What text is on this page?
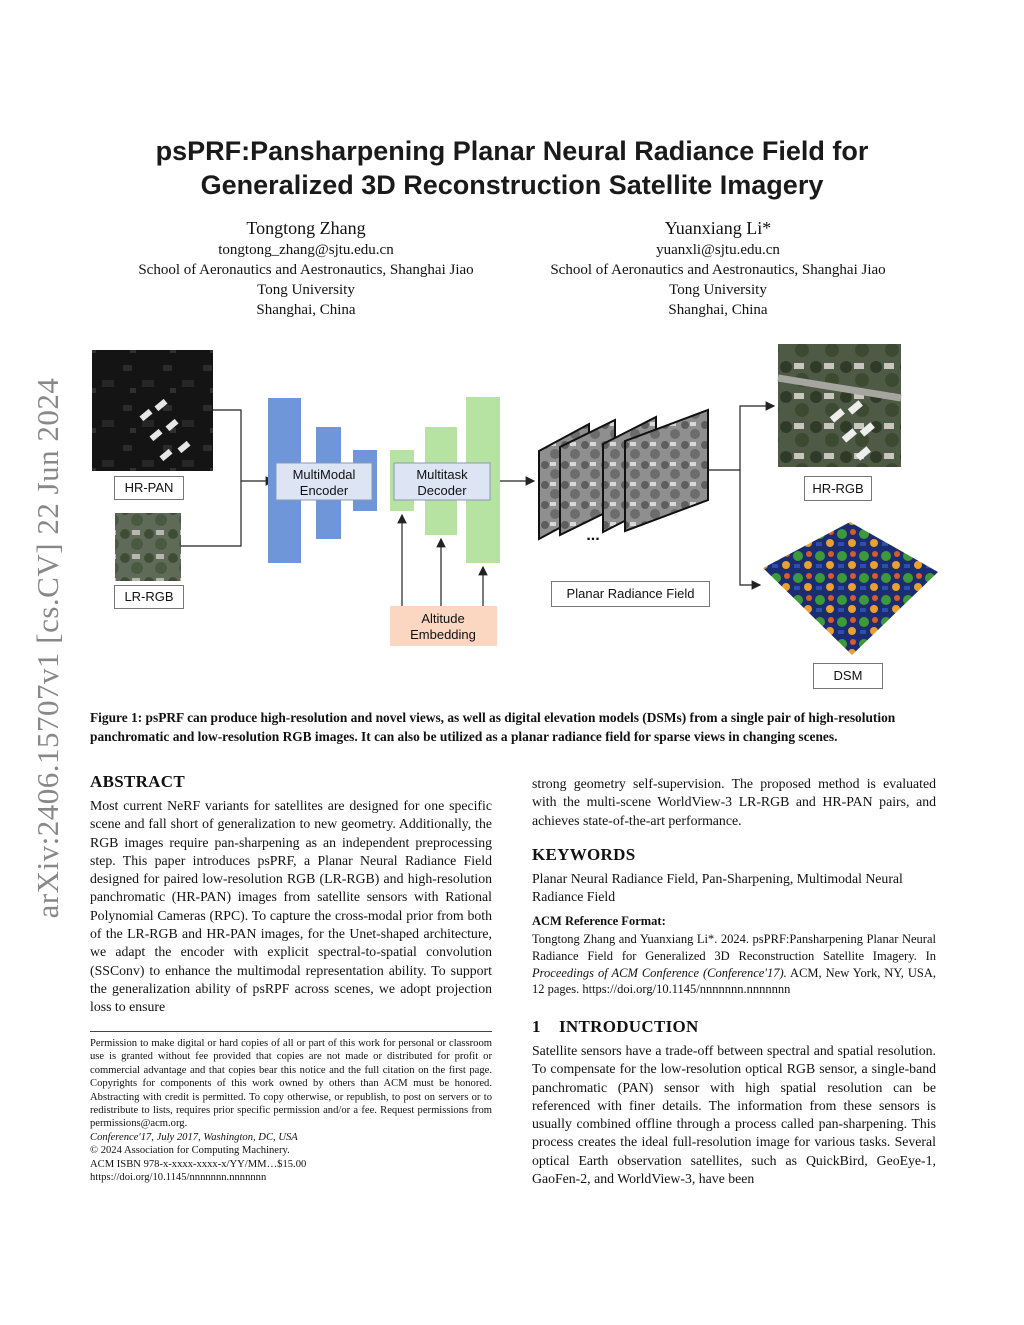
arXiv:2406.15707v1 [cs.CV] 22 Jun 2024
psPRF:Pansharpening Planar Neural Radiance Field for
Generalized 3D Reconstruction Satellite Imagery
Tongtong Zhang
tongtong_zhang@sjtu.edu.cn
School of Aeronautics and Aestronautics, Shanghai Jiao
Tong University
Shanghai, China
Yuanxiang Li*
yuanxli@sjtu.edu.cn
School of Aeronautics and Aestronautics, Shanghai Jiao
Tong University
Shanghai, China
MultiModal
Encoder
Multitask
Decoder
Altitude
Embedding
...
HR-PAN
LR-RGB	Planar Radiance Field
HR-RGB
DSM
Figure 1: psPRF can produce high-resolution and novel views, as well as digital elevation models (DSMs) from a single pair of high-resolution panchromatic and low-resolution RGB images. It can also be utilized as a planar radiance field for sparse views in changing scenes.
ABSTRACT
Most current NeRF variants for satellites are designed for one specific scene and fall short of generalization to new geometry. Additionally, the RGB images require pan-sharpening as an independent preprocessing step. This paper introduces psPRF, a Planar Neural Radiance Field designed for paired low-resolution RGB (LR-RGB) and high-resolution panchromatic (HR-PAN) images from satellite sensors with Rational Polynomial Cameras (RPC). To capture the cross-modal prior from both of the LR-RGB and HR-PAN images, for the Unet-shaped architecture, we adapt the encoder with explicit spectral-to-spatial convolution (SSConv) to enhance the multimodal representation ability. To support the generalization ability of psRPF across scenes, we adopt projection loss to ensure
Permission to make digital or hard copies of all or part of this work for personal or classroom use is granted without fee provided that copies are not made or distributed for profit or commercial advantage and that copies bear this notice and the full citation on the first page. Copyrights for components of this work owned by others than ACM must be honored. Abstracting with credit is permitted. To copy otherwise, or republish, to post on servers or to redistribute to lists, requires prior specific permission and/or a fee. Request permissions from permissions@acm.org.
Conference'17, July 2017, Washington, DC, USA
© 2024 Association for Computing Machinery.
ACM ISBN 978-x-xxxx-xxxx-x/YY/MM…$15.00
https://doi.org/10.1145/nnnnnnn.nnnnnnn
strong geometry self-supervision. The proposed method is evaluated with the multi-scene WorldView-3 LR-RGB and HR-PAN pairs, and achieves state-of-the-art performance.
KEYWORDS
Planar Neural Radiance Field, Pan-Sharpening, Multimodal Neural Radiance Field
ACM Reference Format:
Tongtong Zhang and Yuanxiang Li*. 2024. psPRF:Pansharpening Planar Neural Radiance Field for Generalized 3D Reconstruction Satellite Imagery. In Proceedings of ACM Conference (Conference'17). ACM, New York, NY, USA, 12 pages. https://doi.org/10.1145/nnnnnnn.nnnnnnn
1    INTRODUCTION
Satellite sensors have a trade-off between spectral and spatial resolution. To compensate for the low-resolution optical RGB sensor, a single-band panchromatic (PAN) sensor with high spatial resolution can be referenced with finer details. The information from these sensors is usually combined offline through a process called pan-sharpening. This process creates the ideal full-resolution image for various tasks. Several optical Earth observation satellites, such as QuickBird, GeoEye-1, GaoFen-2, and WorldView-3, have been
